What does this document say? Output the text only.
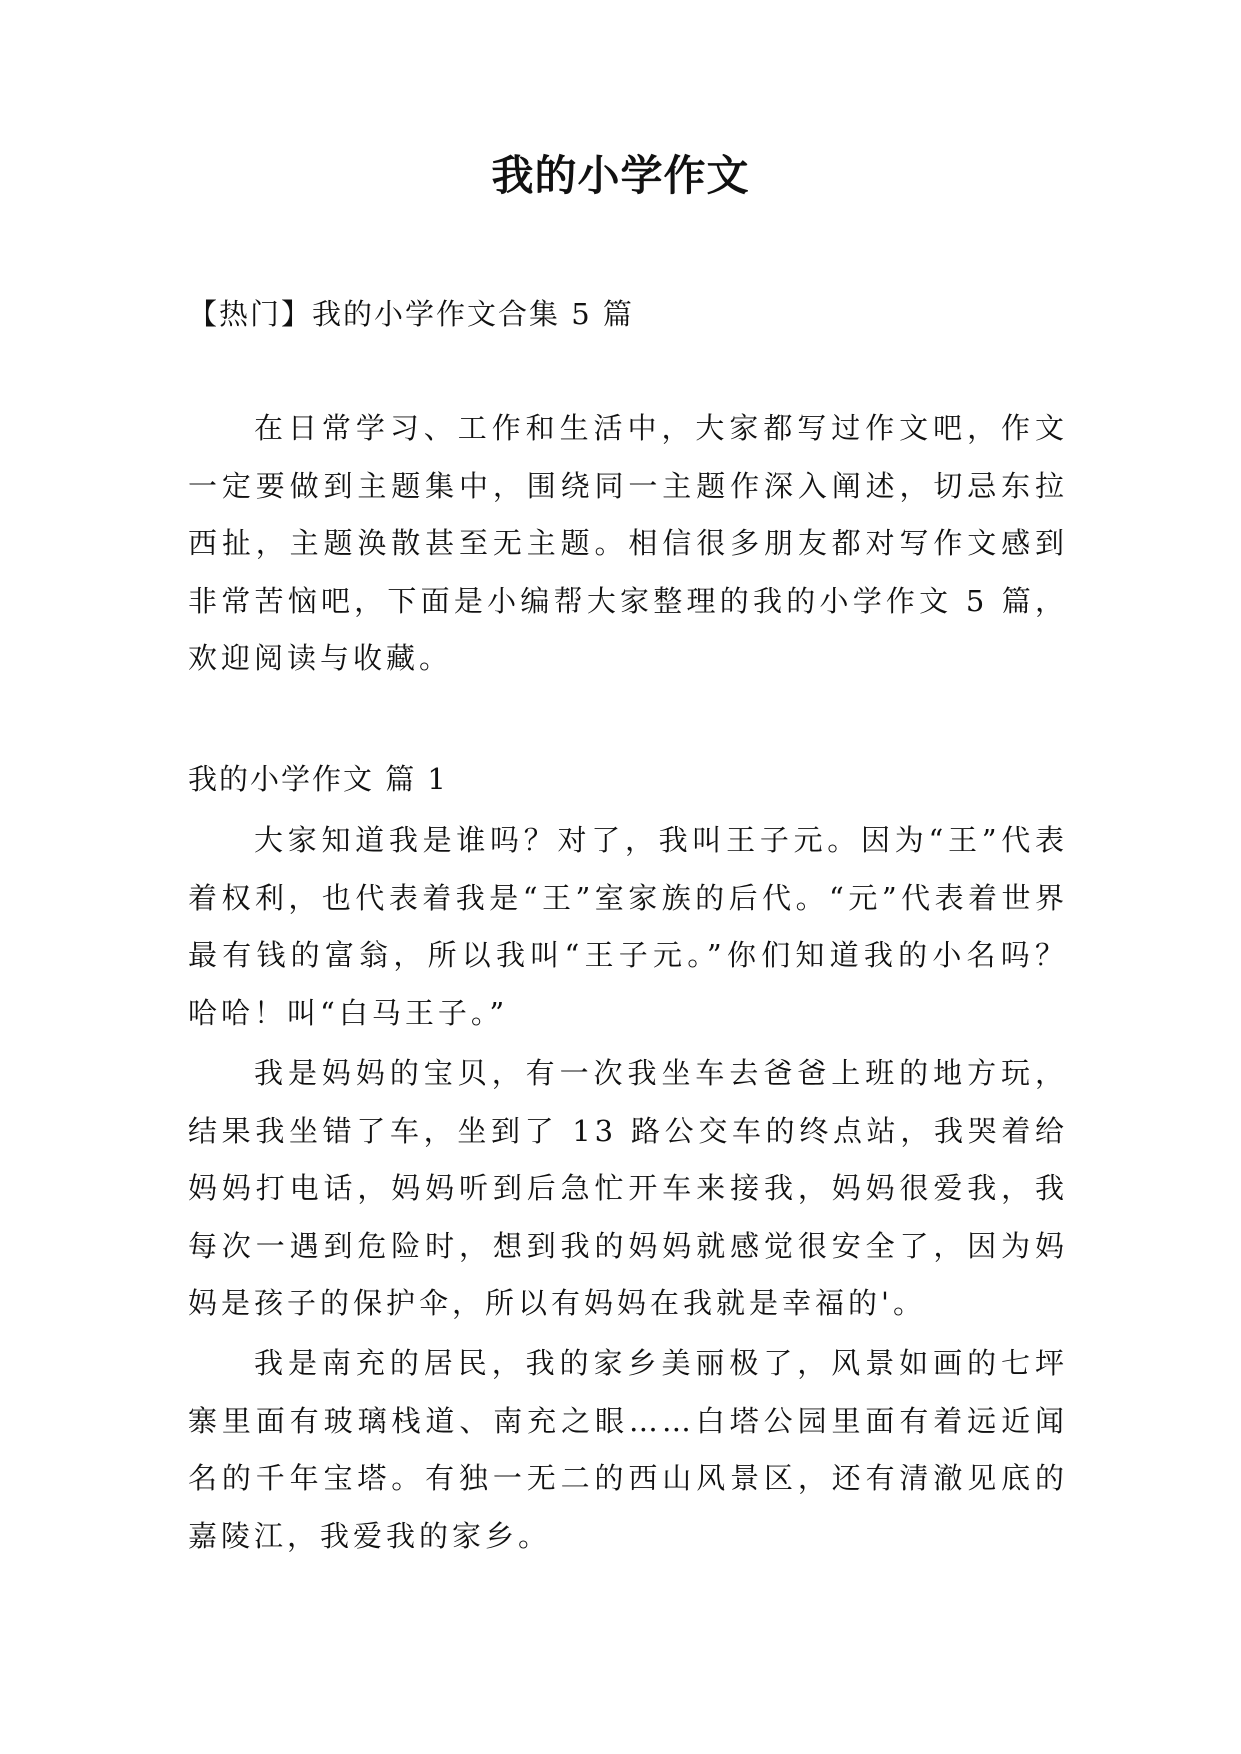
我的小学作文
【热门】我的小学作文合集 5 篇

在日常学习、工作和生活中，大家都写过作文吧，作文一定要做到主题集中，围绕同一主题作深入阐述，切忌东拉西扯，主题涣散甚至无主题。相信很多朋友都对写作文感到非常苦恼吧，下面是小编帮大家整理的我的小学作文 5 篇，欢迎阅读与收藏。

我的小学作文 篇 1

大家知道我是谁吗？对了，我叫王子元。因为“王”代表着权利，也代表着我是“王”室家族的后代。“元”代表着世界最有钱的富翁，所以我叫“王子元。”你们知道我的小名吗？哈哈！叫“白马王子。”

我是妈妈的宝贝，有一次我坐车去爸爸上班的地方玩，结果我坐错了车，坐到了 13 路公交车的终点站，我哭着给妈妈打电话，妈妈听到后急忙开车来接我，妈妈很爱我，我每次一遇到危险时，想到我的妈妈就感觉很安全了，因为妈妈是孩子的保护伞，所以有妈妈在我就是幸福的'。

我是南充的居民，我的家乡美丽极了，风景如画的七坪寨里面有玻璃栈道、南充之眼……白塔公园里面有着远近闻名的千年宝塔。有独一无二的西山风景区，还有清澈见底的嘉陵江，我爱我的家乡。
